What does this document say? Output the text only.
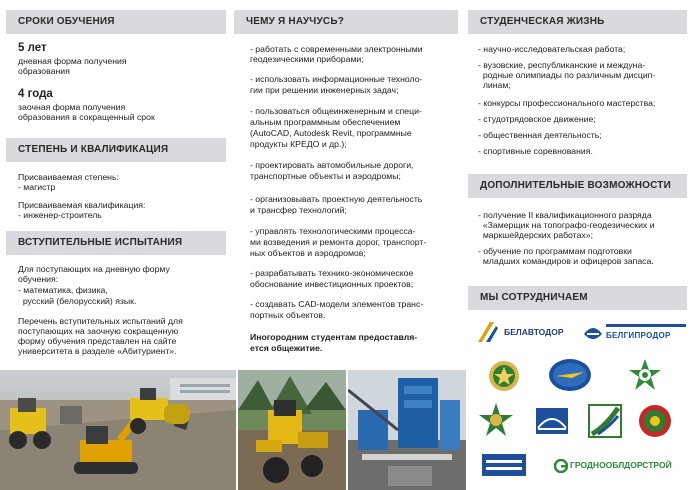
СРОКИ ОБУЧЕНИЯ
5 лет
дневная форма получения
образования
4 года
заочная форма получения
образования в сокращенный срок
СТЕПЕНЬ И КВАЛИФИКАЦИЯ
Присваиваемая степень:
- магистр
Присваиваемая квалификация:
- инженер-строитель
ВСТУПИТЕЛЬНЫЕ ИСПЫТАНИЯ
Для поступающих на дневную форму
обучения:
- математика, физика,
русский (белорусский) язык.
Перечень вступительных испытаний для
поступающих на заочную сокращенную
форму обучения представлен на сайте
университета в разделе «Абитуриент».
ЧЕМУ Я НАУЧУСЬ?
- работать с современными электронными
геодезическими приборами;
- использовать информационные техноло-
гии при решении инженерных задач;
- пользоваться общеинженерным и специ-
альным программным обеспечением
(AutoCAD, Autodesk Revit, программные
продукты КРЕДО и др.);
- проектировать автомобильные дороги,
транспортные объекты и аэродромы;
- организовывать проектную деятельность
и трансфер технологий;
- управлять технологическими процесса-
ми возведения и ремонта дорог, транспорт-
ных объектов и аэродромов;
- разрабатывать технико-экономическое
обоснование инвестиционных проектов;
- создавать CAD-модели элементов транс-
портных объектов.
Иногородним студентам предоставля-
ется общежитие.
СТУДЕНЧЕСКАЯ ЖИЗНЬ
- научно-исследовательская работа;
- вузовские, республиканские и междуна-
родные олимпиады по различным дисцип-
линам;
- конкурсы профессионального мастерства;
- студотрядовское движение;
- общественная деятельность;
- спортивные соревнования.
ДОПОЛНИТЕЛЬНЫЕ ВОЗМОЖНОСТИ
- получение II квалификационного разряда
«Замерщик на топографо-геодезических и
маркшейдерских работах»;
- обучение по программам подготовки
младших командиров и офицеров запаса.
МЫ СОТРУДНИЧАЕМ
БЕЛАВТОДОР	БЕЛГИПРОДОР
ГРОДНООБЛДОРСТРОЙ
